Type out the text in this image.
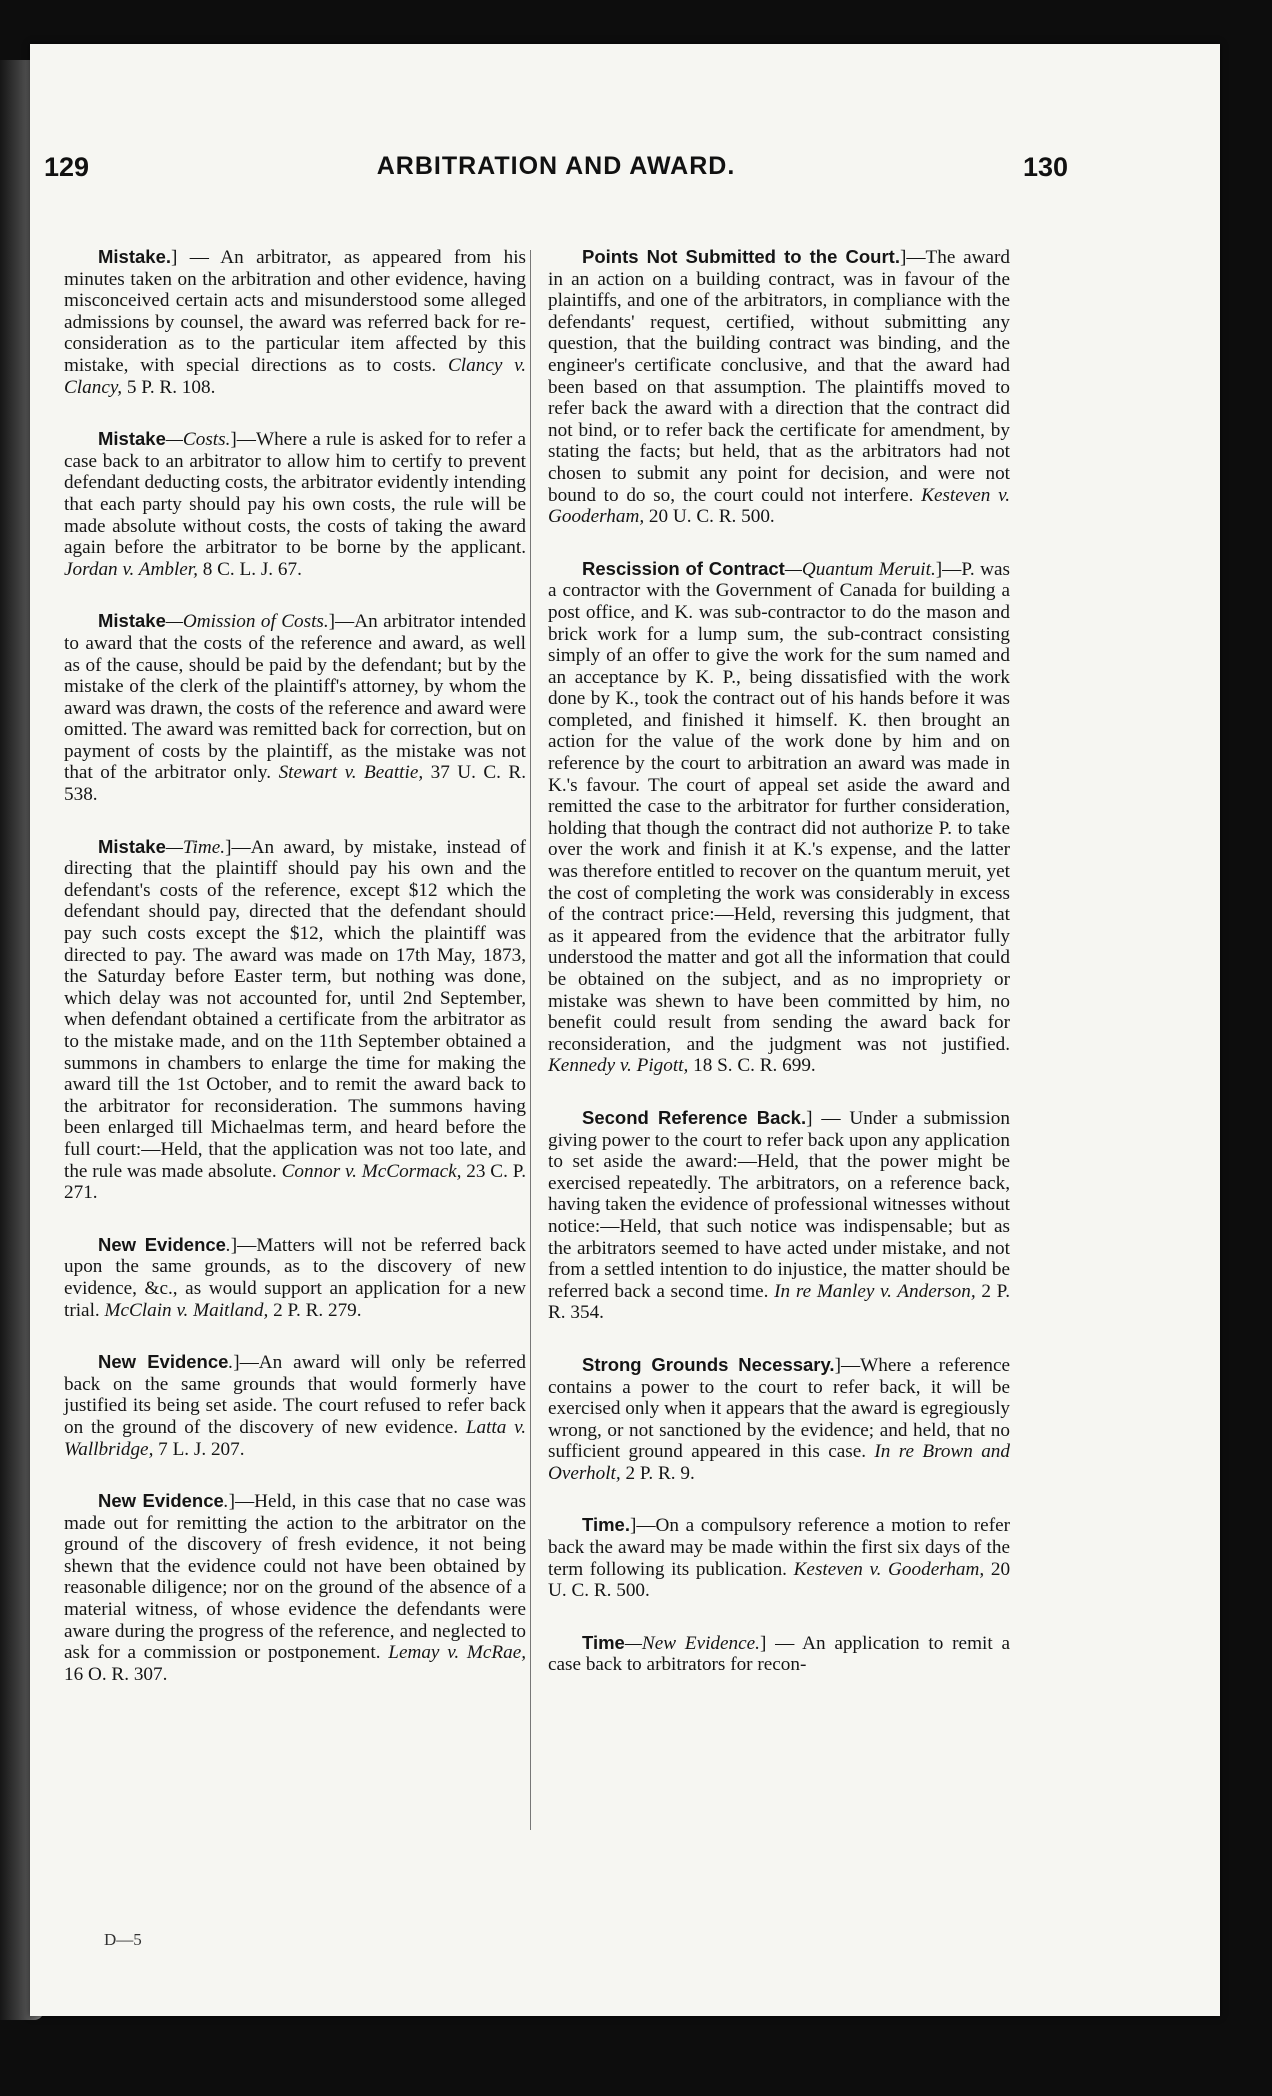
129	ARBITRATION AND AWARD.	130

Mistake.] — An arbitrator, as appeared from his minutes taken on the arbitration and other evidence, having misconceived certain acts and misunderstood some alleged admissions by counsel, the award was referred back for re-consideration as to the particular item affected by this mistake, with special directions as to costs. Clancy v. Clancy, 5 P. R. 108.

Mistake—Costs.]—Where a rule is asked for to refer a case back to an arbitrator to allow him to certify to prevent defendant deducting costs, the arbitrator evidently intending that each party should pay his own costs, the rule will be made absolute without costs, the costs of taking the award again before the arbitrator to be borne by the applicant. Jordan v. Ambler, 8 C. L. J. 67.

Mistake—Omission of Costs.]—An arbitrator intended to award that the costs of the reference and award, as well as of the cause, should be paid by the defendant; but by the mistake of the clerk of the plaintiff's attorney, by whom the award was drawn, the costs of the reference and award were omitted. The award was remitted back for correction, but on payment of costs by the plaintiff, as the mistake was not that of the arbitrator only. Stewart v. Beattie, 37 U. C. R. 538.

Mistake—Time.]—An award, by mistake, instead of directing that the plaintiff should pay his own and the defendant's costs of the reference, except $12 which the defendant should pay, directed that the defendant should pay such costs except the $12, which the plaintiff was directed to pay. The award was made on 17th May, 1873, the Saturday before Easter term, but nothing was done, which delay was not accounted for, until 2nd September, when defendant obtained a certificate from the arbitrator as to the mistake made, and on the 11th September obtained a summons in chambers to enlarge the time for making the award till the 1st October, and to remit the award back to the arbitrator for reconsideration. The summons having been enlarged till Michaelmas term, and heard before the full court:—Held, that the application was not too late, and the rule was made absolute. Connor v. McCormack, 23 C. P. 271.

New Evidence.]—Matters will not be referred back upon the same grounds, as to the discovery of new evidence, &c., as would support an application for a new trial. McClain v. Maitland, 2 P. R. 279.

New Evidence.]—An award will only be referred back on the same grounds that would formerly have justified its being set aside. The court refused to refer back on the ground of the discovery of new evidence. Latta v. Wallbridge, 7 L. J. 207.

New Evidence.]—Held, in this case that no case was made out for remitting the action to the arbitrator on the ground of the discovery of fresh evidence, it not being shewn that the evidence could not have been obtained by reasonable diligence; nor on the ground of the absence of a material witness, of whose evidence the defendants were aware during the progress of the reference, and neglected to ask for a commission or postponement. Lemay v. McRae, 16 O. R. 307.

Points Not Submitted to the Court.]—The award in an action on a building contract, was in favour of the plaintiffs, and one of the arbitrators, in compliance with the defendants' request, certified, without submitting any question, that the building contract was binding, and the engineer's certificate conclusive, and that the award had been based on that assumption. The plaintiffs moved to refer back the award with a direction that the contract did not bind, or to refer back the certificate for amendment, by stating the facts; but held, that as the arbitrators had not chosen to submit any point for decision, and were not bound to do so, the court could not interfere. Kesteven v. Gooderham, 20 U. C. R. 500.

Rescission of Contract—Quantum Meruit.]—P. was a contractor with the Government of Canada for building a post office, and K. was sub-contractor to do the mason and brick work for a lump sum, the sub-contract consisting simply of an offer to give the work for the sum named and an acceptance by K. P., being dissatisfied with the work done by K., took the contract out of his hands before it was completed, and finished it himself. K. then brought an action for the value of the work done by him and on reference by the court to arbitration an award was made in K.'s favour. The court of appeal set aside the award and remitted the case to the arbitrator for further consideration, holding that though the contract did not authorize P. to take over the work and finish it at K.'s expense, and the latter was therefore entitled to recover on the quantum meruit, yet the cost of completing the work was considerably in excess of the contract price:—Held, reversing this judgment, that as it appeared from the evidence that the arbitrator fully understood the matter and got all the information that could be obtained on the subject, and as no impropriety or mistake was shewn to have been committed by him, no benefit could result from sending the award back for reconsideration, and the judgment was not justified. Kennedy v. Pigott, 18 S. C. R. 699.

Second Reference Back.] — Under a submission giving power to the court to refer back upon any application to set aside the award:—Held, that the power might be exercised repeatedly. The arbitrators, on a reference back, having taken the evidence of professional witnesses without notice:—Held, that such notice was indispensable; but as the arbitrators seemed to have acted under mistake, and not from a settled intention to do injustice, the matter should be referred back a second time. In re Manley v. Anderson, 2 P. R. 354.

Strong Grounds Necessary.]—Where a reference contains a power to the court to refer back, it will be exercised only when it appears that the award is egregiously wrong, or not sanctioned by the evidence; and held, that no sufficient ground appeared in this case. In re Brown and Overholt, 2 P. R. 9.

Time.]—On a compulsory reference a motion to refer back the award may be made within the first six days of the term following its publication. Kesteven v. Gooderham, 20 U. C. R. 500.

Time—New Evidence.] — An application to remit a case back to arbitrators for recon-

D—5
